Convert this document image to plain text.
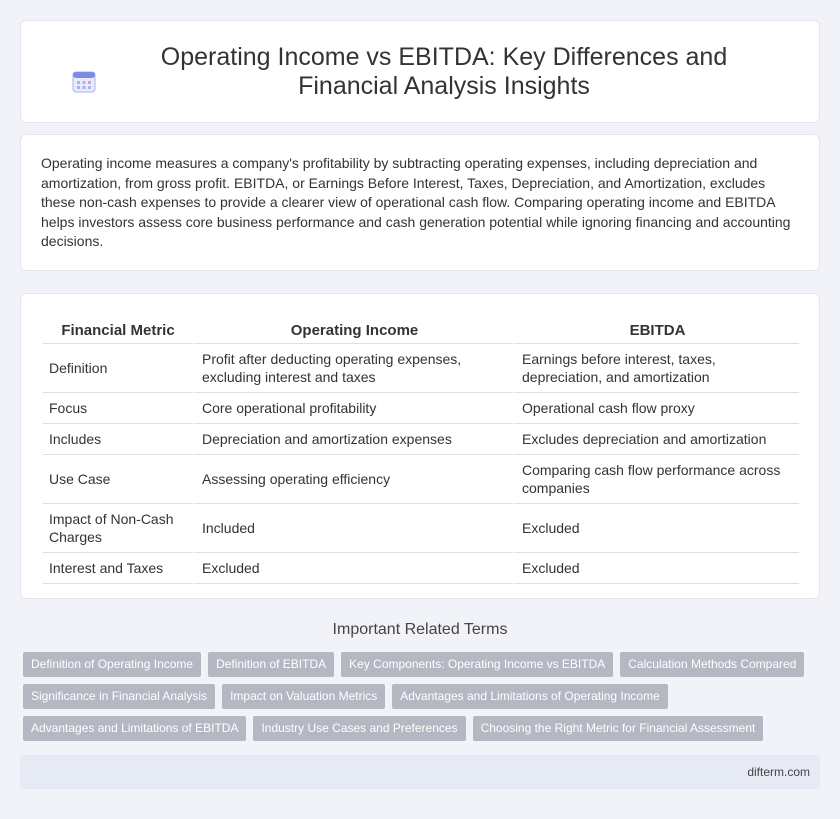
Operating Income vs EBITDA: Key Differences and Financial Analysis Insights

Operating income measures a company's profitability by subtracting operating expenses, including depreciation and amortization, from gross profit. EBITDA, or Earnings Before Interest, Taxes, Depreciation, and Amortization, excludes these non-cash expenses to provide a clearer view of operational cash flow. Comparing operating income and EBITDA helps investors assess core business performance and cash generation potential while ignoring financing and accounting decisions.

Financial Metric	Operating Income	EBITDA
Definition	Profit after deducting operating expenses, excluding interest and taxes	Earnings before interest, taxes, depreciation, and amortization
Focus	Core operational profitability	Operational cash flow proxy
Includes	Depreciation and amortization expenses	Excludes depreciation and amortization
Use Case	Assessing operating efficiency	Comparing cash flow performance across companies
Impact of Non-Cash Charges	Included	Excluded
Interest and Taxes	Excluded	Excluded
Important Related Terms
Definition of Operating Income	Definition of EBITDA	Key Components: Operating Income vs EBITDA	Calculation Methods Compared
Significance in Financial Analysis	Impact on Valuation Metrics	Advantages and Limitations of Operating Income
Advantages and Limitations of EBITDA	Industry Use Cases and Preferences	Choosing the Right Metric for Financial Assessment
difterm.com
